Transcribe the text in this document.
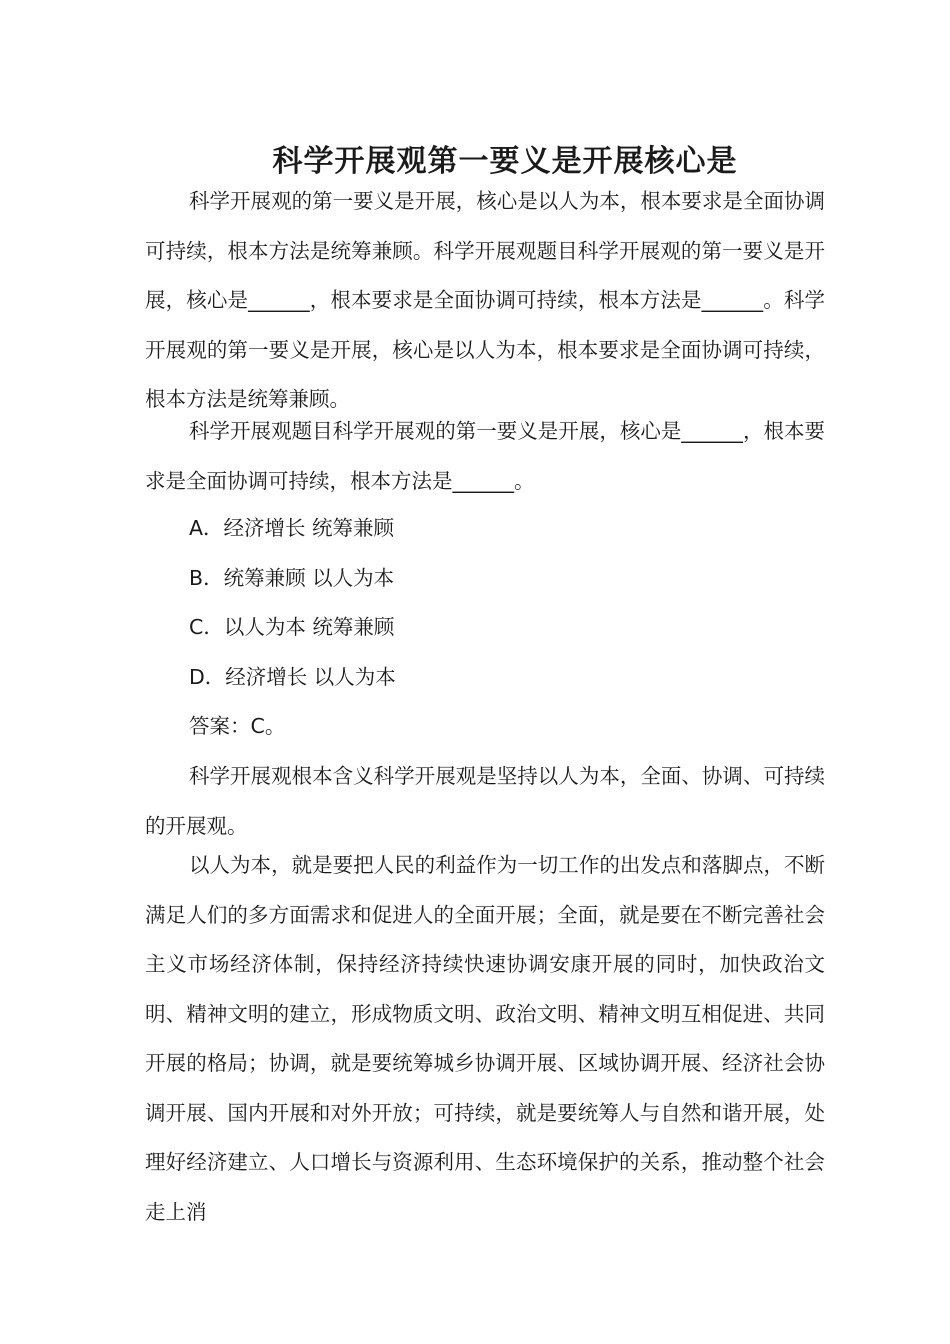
科学开展观第一要义是开展核心是

科学开展观的第一要义是开展，核心是以人为本，根本要求是全面协调可持续，根本方法是统筹兼顾。科学开展观题目科学开展观的第一要义是开展，核心是______，根本要求是全面协调可持续，根本方法是______。科学开展观的第一要义是开展，核心是以人为本，根本要求是全面协调可持续，根本方法是统筹兼顾。

科学开展观题目科学开展观的第一要义是开展，核心是______，根本要求是全面协调可持续，根本方法是______。

A．经济增长 统筹兼顾
B．统筹兼顾 以人为本
C．以人为本 统筹兼顾
D．经济增长 以人为本
答案：C。

科学开展观根本含义科学开展观是坚持以人为本，全面、协调、可持续的开展观。

以人为本，就是要把人民的利益作为一切工作的出发点和落脚点，不断满足人们的多方面需求和促进人的全面开展；全面，就是要在不断完善社会主义市场经济体制，保持经济持续快速协调安康开展的同时，加快政治文明、精神文明的建立，形成物质文明、政治文明、精神文明互相促进、共同开展的格局；协调，就是要统筹城乡协调开展、区域协调开展、经济社会协调开展、国内开展和对外开放；可持续，就是要统筹人与自然和谐开展，处理好经济建立、人口增长与资源利用、生态环境保护的关系，推动整个社会走上消
